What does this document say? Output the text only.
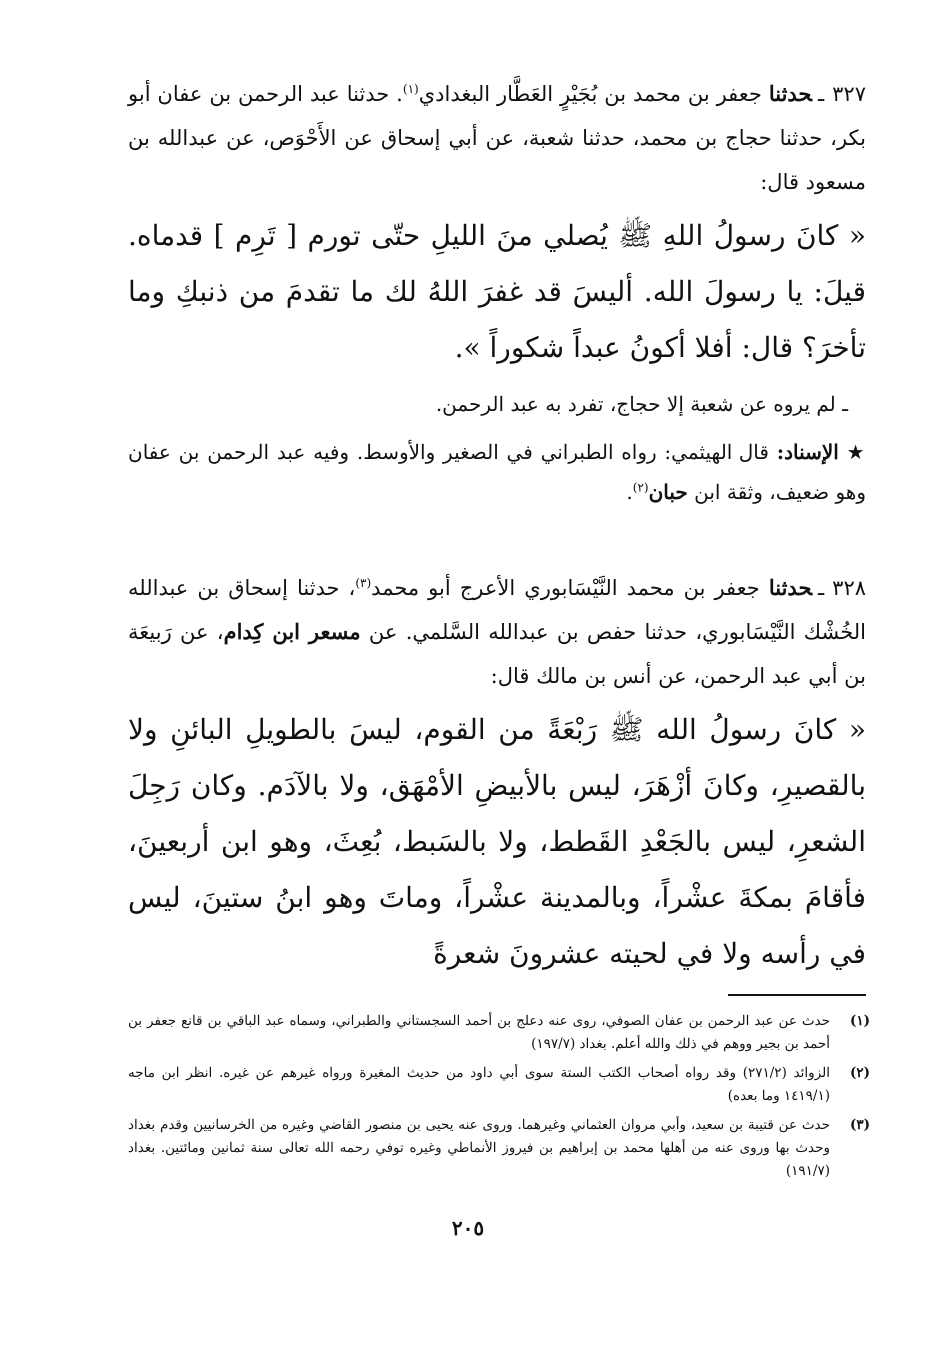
٣٢٧ـحدثنا جعفر بن محمد بن بُجَيْرٍ العَطَّار البغدادي$^{(١)}$. حدثنا عبد الرحمن بن عفان أبو بكر، حدثنا حجاج بن محمد، حدثنا شعبة، عن أبي إسحاق عن الأَحْوَص، عن عبدالله بن مسعود قال:
« كانَ رسولُ اللهِ ﷺ يُصلي منَ الليلِ حتّى تورم [ تَرِم ] قدماه. قيلَ: يا رسولَ الله. أليسَ قد غفرَ اللهُ لك ما تقدمَ من ذنبكِ وما تأخرَ؟ قال: أفلا أكونُ عبداً شكوراً ».
ـ لم يروه عن شعبة إلا حجاج، تفرد به عبد الرحمن.
★ الإسناد: قال الهيثمي: رواه الطبراني في الصغير والأوسط. وفيه عبد الرحمن بن عفان وهو ضعيف، وثقة ابن حبان$^{(٢)}$.
٣٢٨ـحدثنا جعفر بن محمد النَّيْسَابوري الأعرج أبو محمد$^{(٣)}$، حدثنا إسحاق بن عبدالله الخُشْك النَّيْسَابوري، حدثنا حفص بن عبدالله السَّلمي. عن مسعر ابن كِدام، عن رَبيعَة بن أبي عبد الرحمن، عن أنس بن مالك قال:
« كانَ رسولُ الله ﷺ رَبْعَةً من القوم، ليسَ بالطويلِ البائنِ ولا بالقصيرِ، وكانَ أزْهَرَ، ليس بالأبيضِ الأمْهَق، ولا بالآدَم. وكان رَجِلَ الشعرِ، ليس بالجَعْدِ القَطط، ولا بالسَبط، بُعِثَ، وهو ابن أربعينَ، فأقامَ بمكةَ عشْراً، وبالمدينة عشْراً، وماتَ وهو ابنُ ستينَ، ليس في رأسه ولا في لحيته عشرونَ شعرةً
(١)
حدث عن عبد الرحمن بن عفان الصوفي، روى عنه دعلج بن أحمد السجستاني والطبراني، وسماه عبد الباقي بن قانع جعفر بن أحمد بن بجير ووهم في ذلك والله أعلم. بغداد (١٩٧/٧)
(٢)
الزوائد (٢٧١/٢) وقد رواه أصحاب الكتب الستة سوى أبي داود من حديث المغيرة ورواه غيرهم عن غيره. انظر ابن ماجه (١٤١٩/١ وما بعده)
(٣)
حدث عن قتيبة بن سعيد، وأبي مروان العثماني وغيرهما. وروى عنه يحيى بن منصور القاضي وغيره من الخرسانيين وقدم بغداد وحدث بها وروى عنه من أهلها محمد بن إبراهيم بن فيروز الأنماطي وغيره توفي رحمه الله تعالى سنة ثمانين ومائتين. بغداد (١٩١/٧)
٢٠٥
